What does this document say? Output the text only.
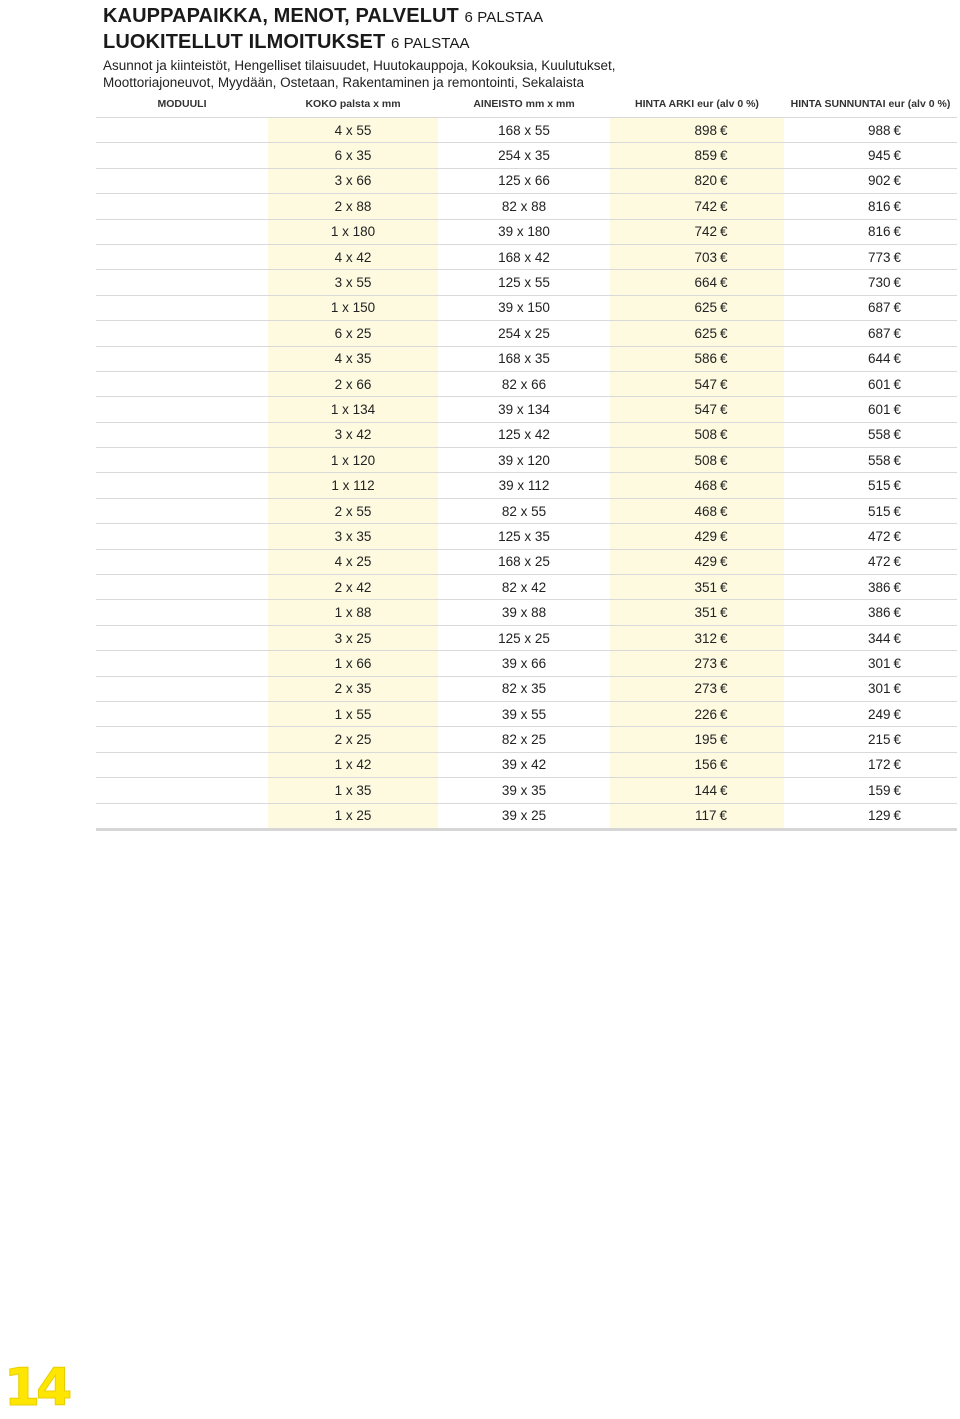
KAUPPAPAIKKA, MENOT, PALVELUT 6 PALSTAA
LUOKITELLUT ILMOITUKSET 6 PALSTAA

Asunnot ja kiinteistöt, Hengelliset tilaisuudet, Huutokauppoja, Kokouksia, Kuulutukset,
Moottoriajoneuvot, Myydään, Ostetaan, Rakentaminen ja remontointi, Sekalaista

MODUULI	KOKO palsta x mm	AINEISTO mm x mm	HINTA ARKI eur (alv 0 %)	HINTA SUNNUNTAI eur (alv 0 %)
	4 x 55	168 x 55	898 €	988 €
	6 x 35	254 x 35	859 €	945 €
	3 x 66	125 x 66	820 €	902 €
	2 x 88	82 x 88	742 €	816 €
	1 x 180	39 x 180	742 €	816 €
	4 x 42	168 x 42	703 €	773 €
	3 x 55	125 x 55	664 €	730 €
	1 x 150	39 x 150	625 €	687 €
	6 x 25	254 x 25	625 €	687 €
	4 x 35	168 x 35	586 €	644 €
	2 x 66	82 x 66	547 €	601 €
	1 x 134	39 x 134	547 €	601 €
	3 x 42	125 x 42	508 €	558 €
	1 x 120	39 x 120	508 €	558 €
	1 x 112	39 x 112	468 €	515 €
	2 x 55	82 x 55	468 €	515 €
	3 x 35	125 x 35	429 €	472 €
	4 x 25	168 x 25	429 €	472 €
	2 x 42	82 x 42	351 €	386 €
	1 x 88	39 x 88	351 €	386 €
	3 x 25	125 x 25	312 €	344 €
	1 x 66	39 x 66	273 €	301 €
	2 x 35	82 x 35	273 €	301 €
	1 x 55	39 x 55	226 €	249 €
	2 x 25	82 x 25	195 €	215 €
	1 x 42	39 x 42	156 €	172 €
	1 x 35	39 x 35	144 €	159 €
	1 x 25	39 x 25	117 €	129 €
14
